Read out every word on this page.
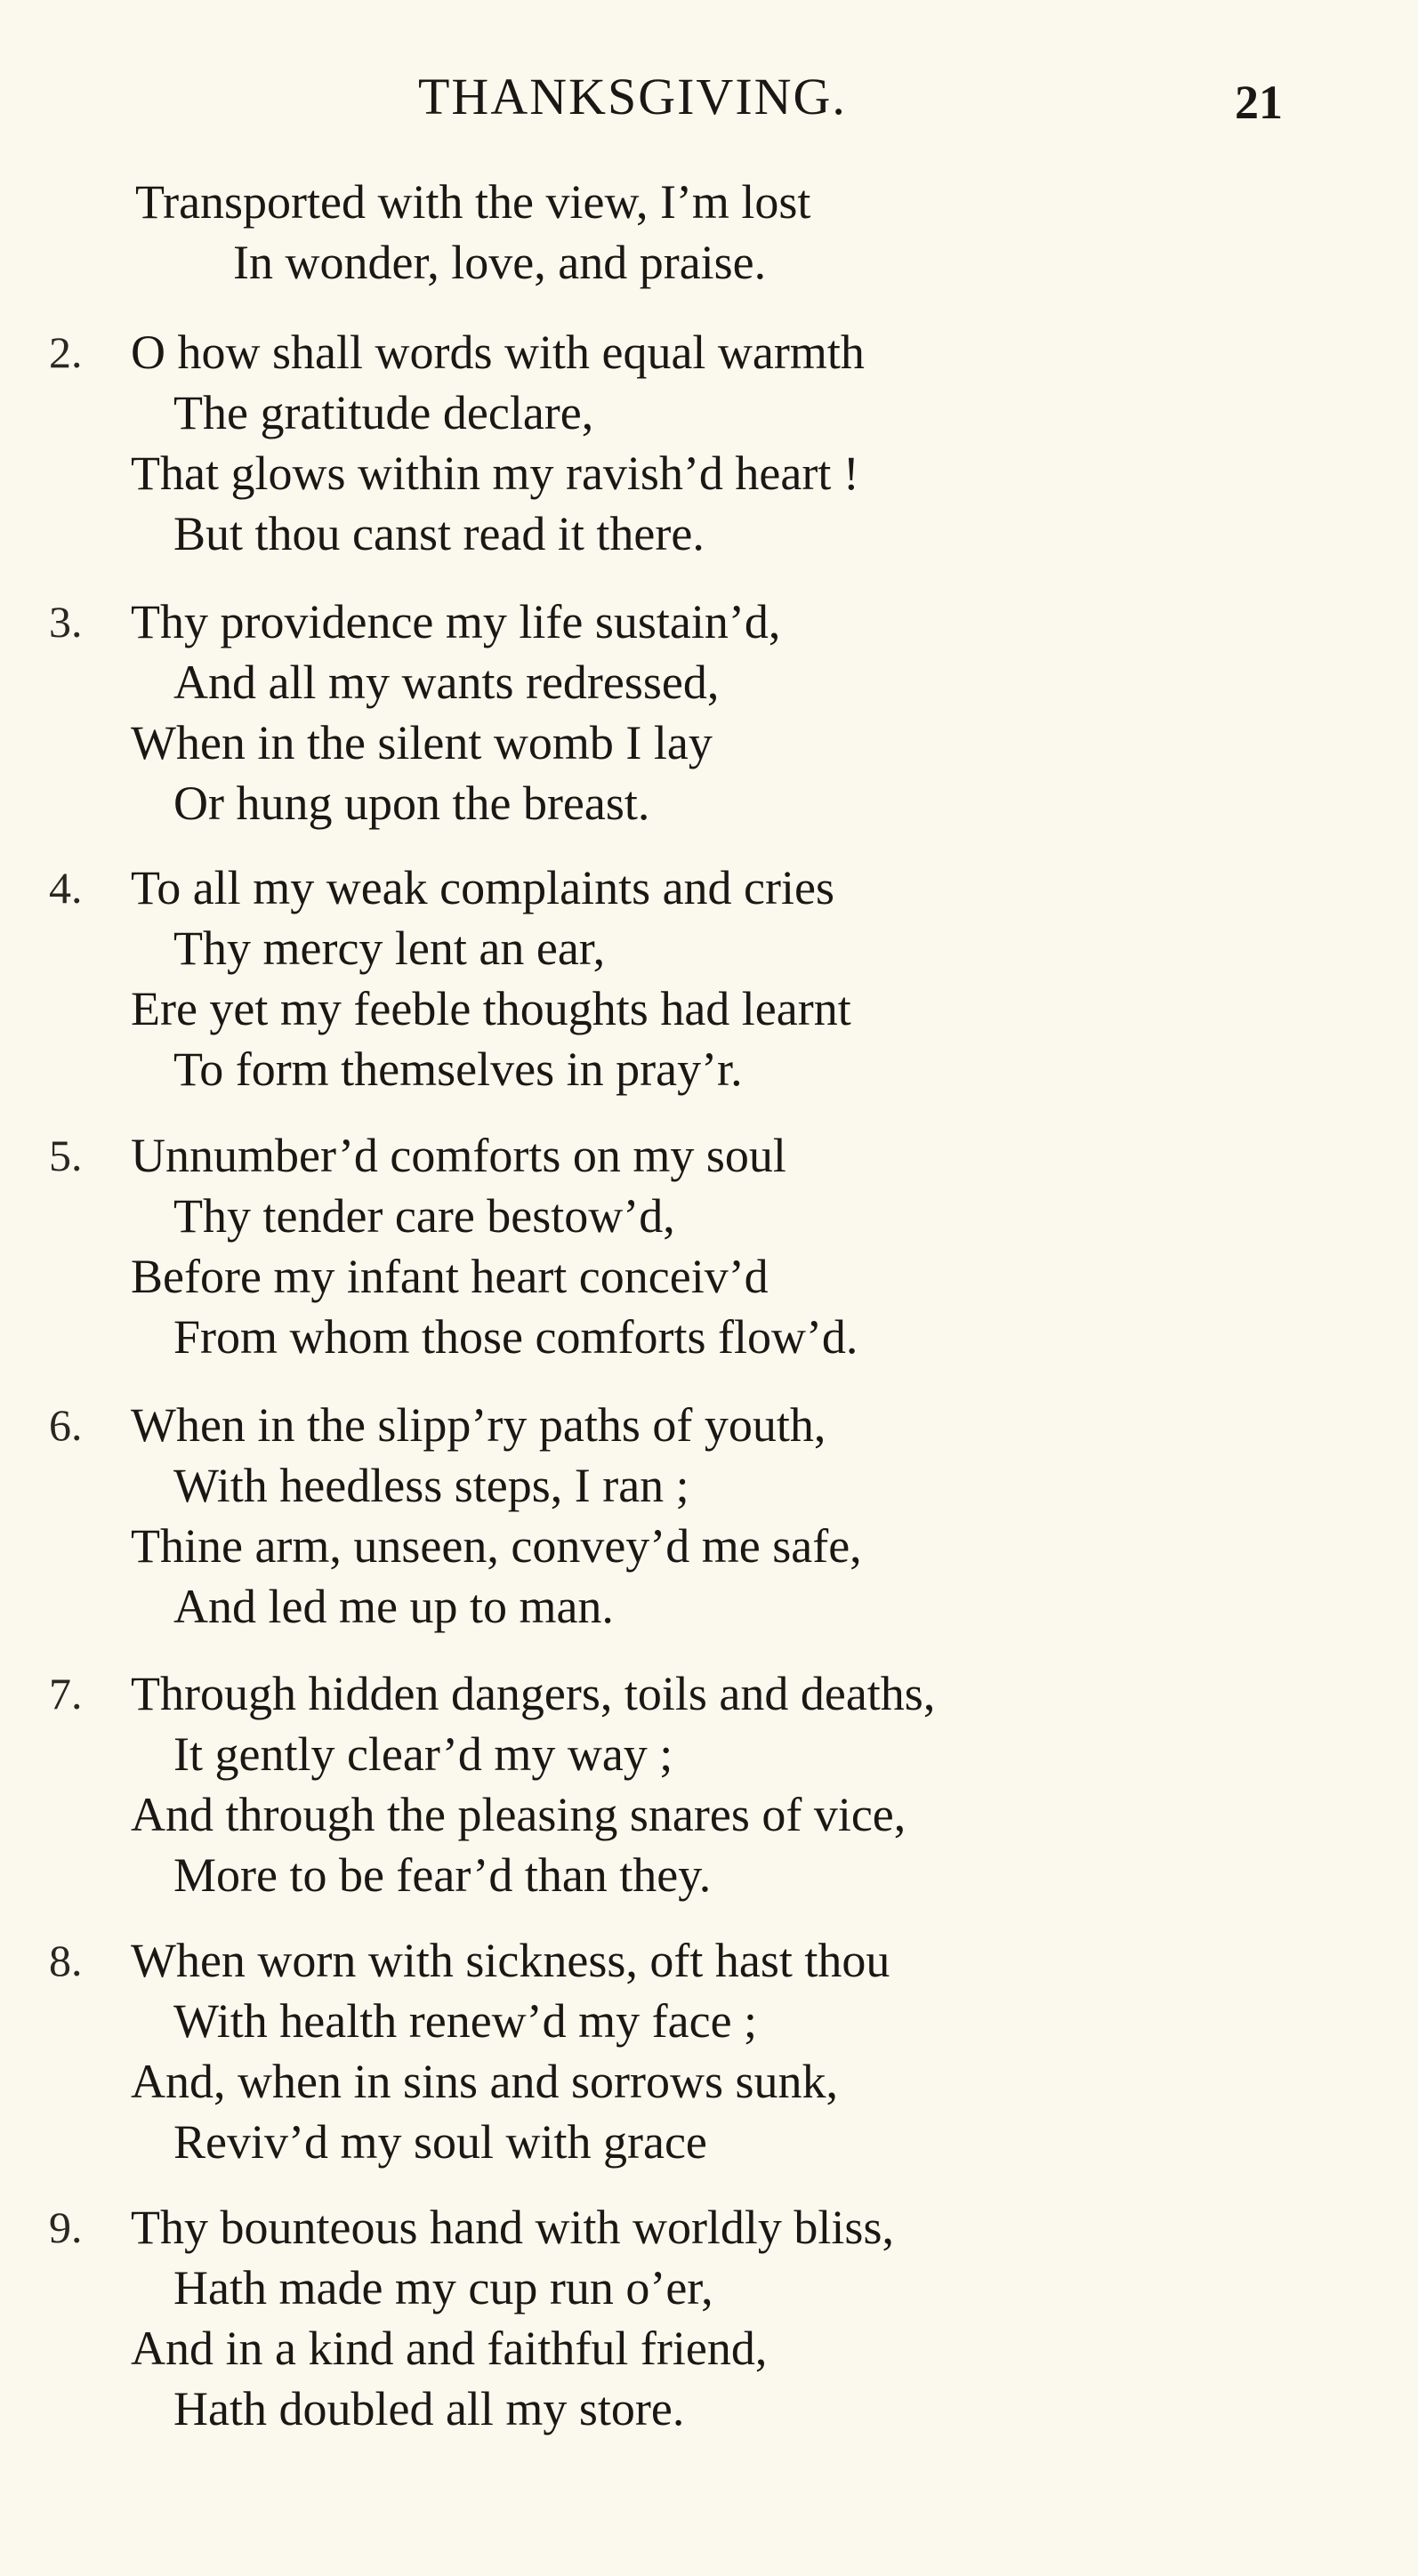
THANKSGIVING.	21
Transported with the view, I’m lost
In wonder, love, and praise.
2.	O how shall words with equal warmth
The gratitude declare,
That glows within my ravish’d heart !
But thou canst read it there.
3.	Thy providence my life sustain’d,
And all my wants redressed,
When in the silent womb I lay
Or hung upon the breast.
4.	To all my weak complaints and cries
Thy mercy lent an ear,
Ere yet my feeble thoughts had learnt
To form themselves in pray’r.
5.	Unnumber’d comforts on my soul
Thy tender care bestow’d,
Before my infant heart conceiv’d
From whom those comforts flow’d.
6.	When in the slipp’ry paths of youth,
With heedless steps, I ran ;
Thine arm, unseen, convey’d me safe,
And led me up to man.
7.	Through hidden dangers, toils and deaths,
It gently clear’d my way ;
And through the pleasing snares of vice,
More to be fear’d than they.
8.	When worn with sickness, oft hast thou
With health renew’d my face ;
And, when in sins and sorrows sunk,
Reviv’d my soul with grace
9.	Thy bounteous hand with worldly bliss,
Hath made my cup run o’er,
And in a kind and faithful friend,
Hath doubled all my store.
